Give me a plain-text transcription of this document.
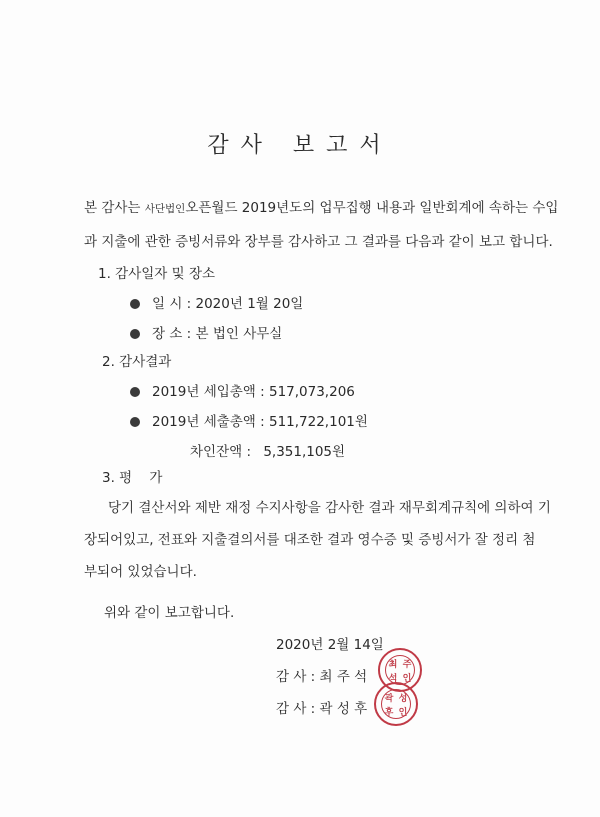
감사 보고서
본 감사는 사단법인오픈월드 2019년도의 업무집행 내용과 일반회계에 속하는 수입
과 지출에 관한 증빙서류와 장부를 감사하고 그 결과를 다음과 같이 보고 합니다.
1. 감사일자 및 장소
일 시 : 2020년 1월 20일
장 소 : 본 법인 사무실
2. 감사결과
2019년 세입총액 : 517,073,206
2019년 세출총액 : 511,722,101원
차인잔액 : 5,351,105원
3. 평    가
당기 결산서와 제반 재정 수지사항을 감사한 결과 재무회계규칙에 의하여 기
장되어있고, 전표와 지출결의서를 대조한 결과 영수증 및 증빙서가 잘 정리 첨
부되어 있었습니다.
위와 같이 보고합니다.
2020년 2월 14일
감 사 : 최 주 석
최 주
석 인
감 사 : 곽 성 후
곽 성
후 인
